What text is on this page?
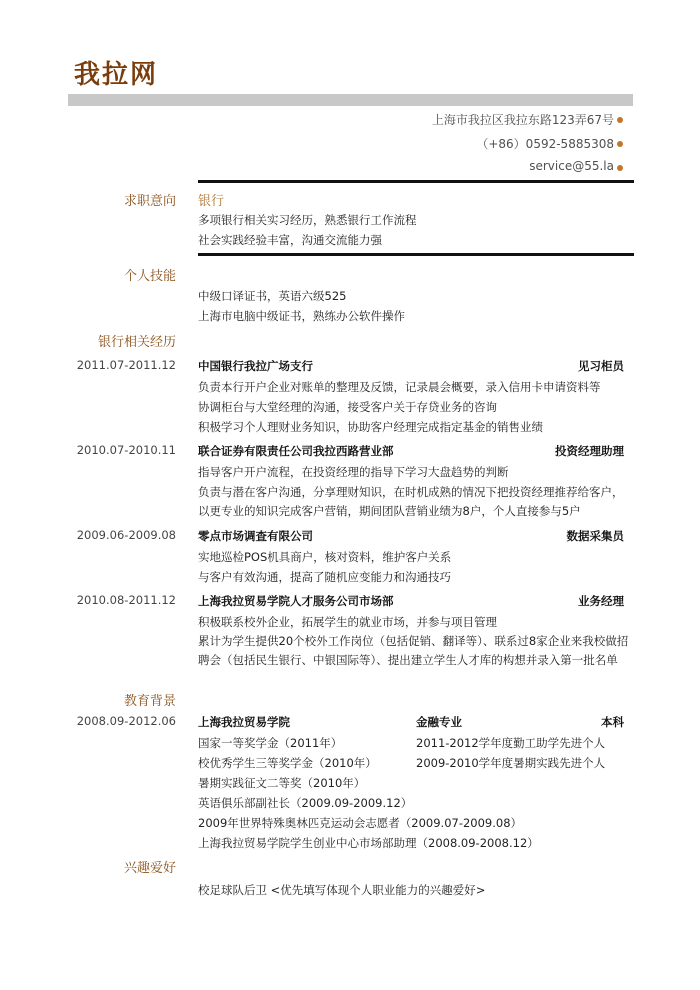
我拉网
上海市我拉区我拉东路123弄67号
（+86）0592-5885308
service@55.la
求职意向 银行
多项银行相关实习经历，熟悉银行工作流程
社会实践经验丰富，沟通交流能力强
个人技能
中级口译证书，英语六级525
上海市电脑中级证书，熟练办公软件操作
银行相关经历
2011.07-2011.12 中国银行我拉广场支行	见习柜员
负责本行开户企业对账单的整理及反馈，记录晨会概要，录入信用卡申请资料等
协调柜台与大堂经理的沟通，接受客户关于存贷业务的咨询
积极学习个人理财业务知识，协助客户经理完成指定基金的销售业绩
2010.07-2010.11 联合证券有限责任公司我拉西路营业部	投资经理助理
指导客户开户流程，在投资经理的指导下学习大盘趋势的判断
负责与潜在客户沟通，分享理财知识，在时机成熟的情况下把投资经理推荐给客户，以更专业的知识完成客户营销，期间团队营销业绩为8户，个人直接参与5户
2009.06-2009.08 零点市场调查有限公司	数据采集员
实地巡检POS机具商户，核对资料，维护客户关系
与客户有效沟通，提高了随机应变能力和沟通技巧
2010.08-2011.12 上海我拉贸易学院人才服务公司市场部	业务经理
积极联系校外企业，拓展学生的就业市场，并参与项目管理
累计为学生提供20个校外工作岗位（包括促销、翻译等）、联系过8家企业来我校做招聘会（包括民生银行、中银国际等）、提出建立学生人才库的构想并录入第一批名单
教育背景
2008.09-2012.06 上海我拉贸易学院	金融专业	本科
国家一等奖学金（2011年）	2011-2012学年度勤工助学先进个人
校优秀学生三等奖学金（2010年）	2009-2010学年度暑期实践先进个人
暑期实践征文二等奖（2010年）
英语俱乐部副社长（2009.09-2009.12）
2009年世界特殊奥林匹克运动会志愿者（2009.07-2009.08）
上海我拉贸易学院学生创业中心市场部助理（2008.09-2008.12）
兴趣爱好
校足球队后卫 <优先填写体现个人职业能力的兴趣爱好>
